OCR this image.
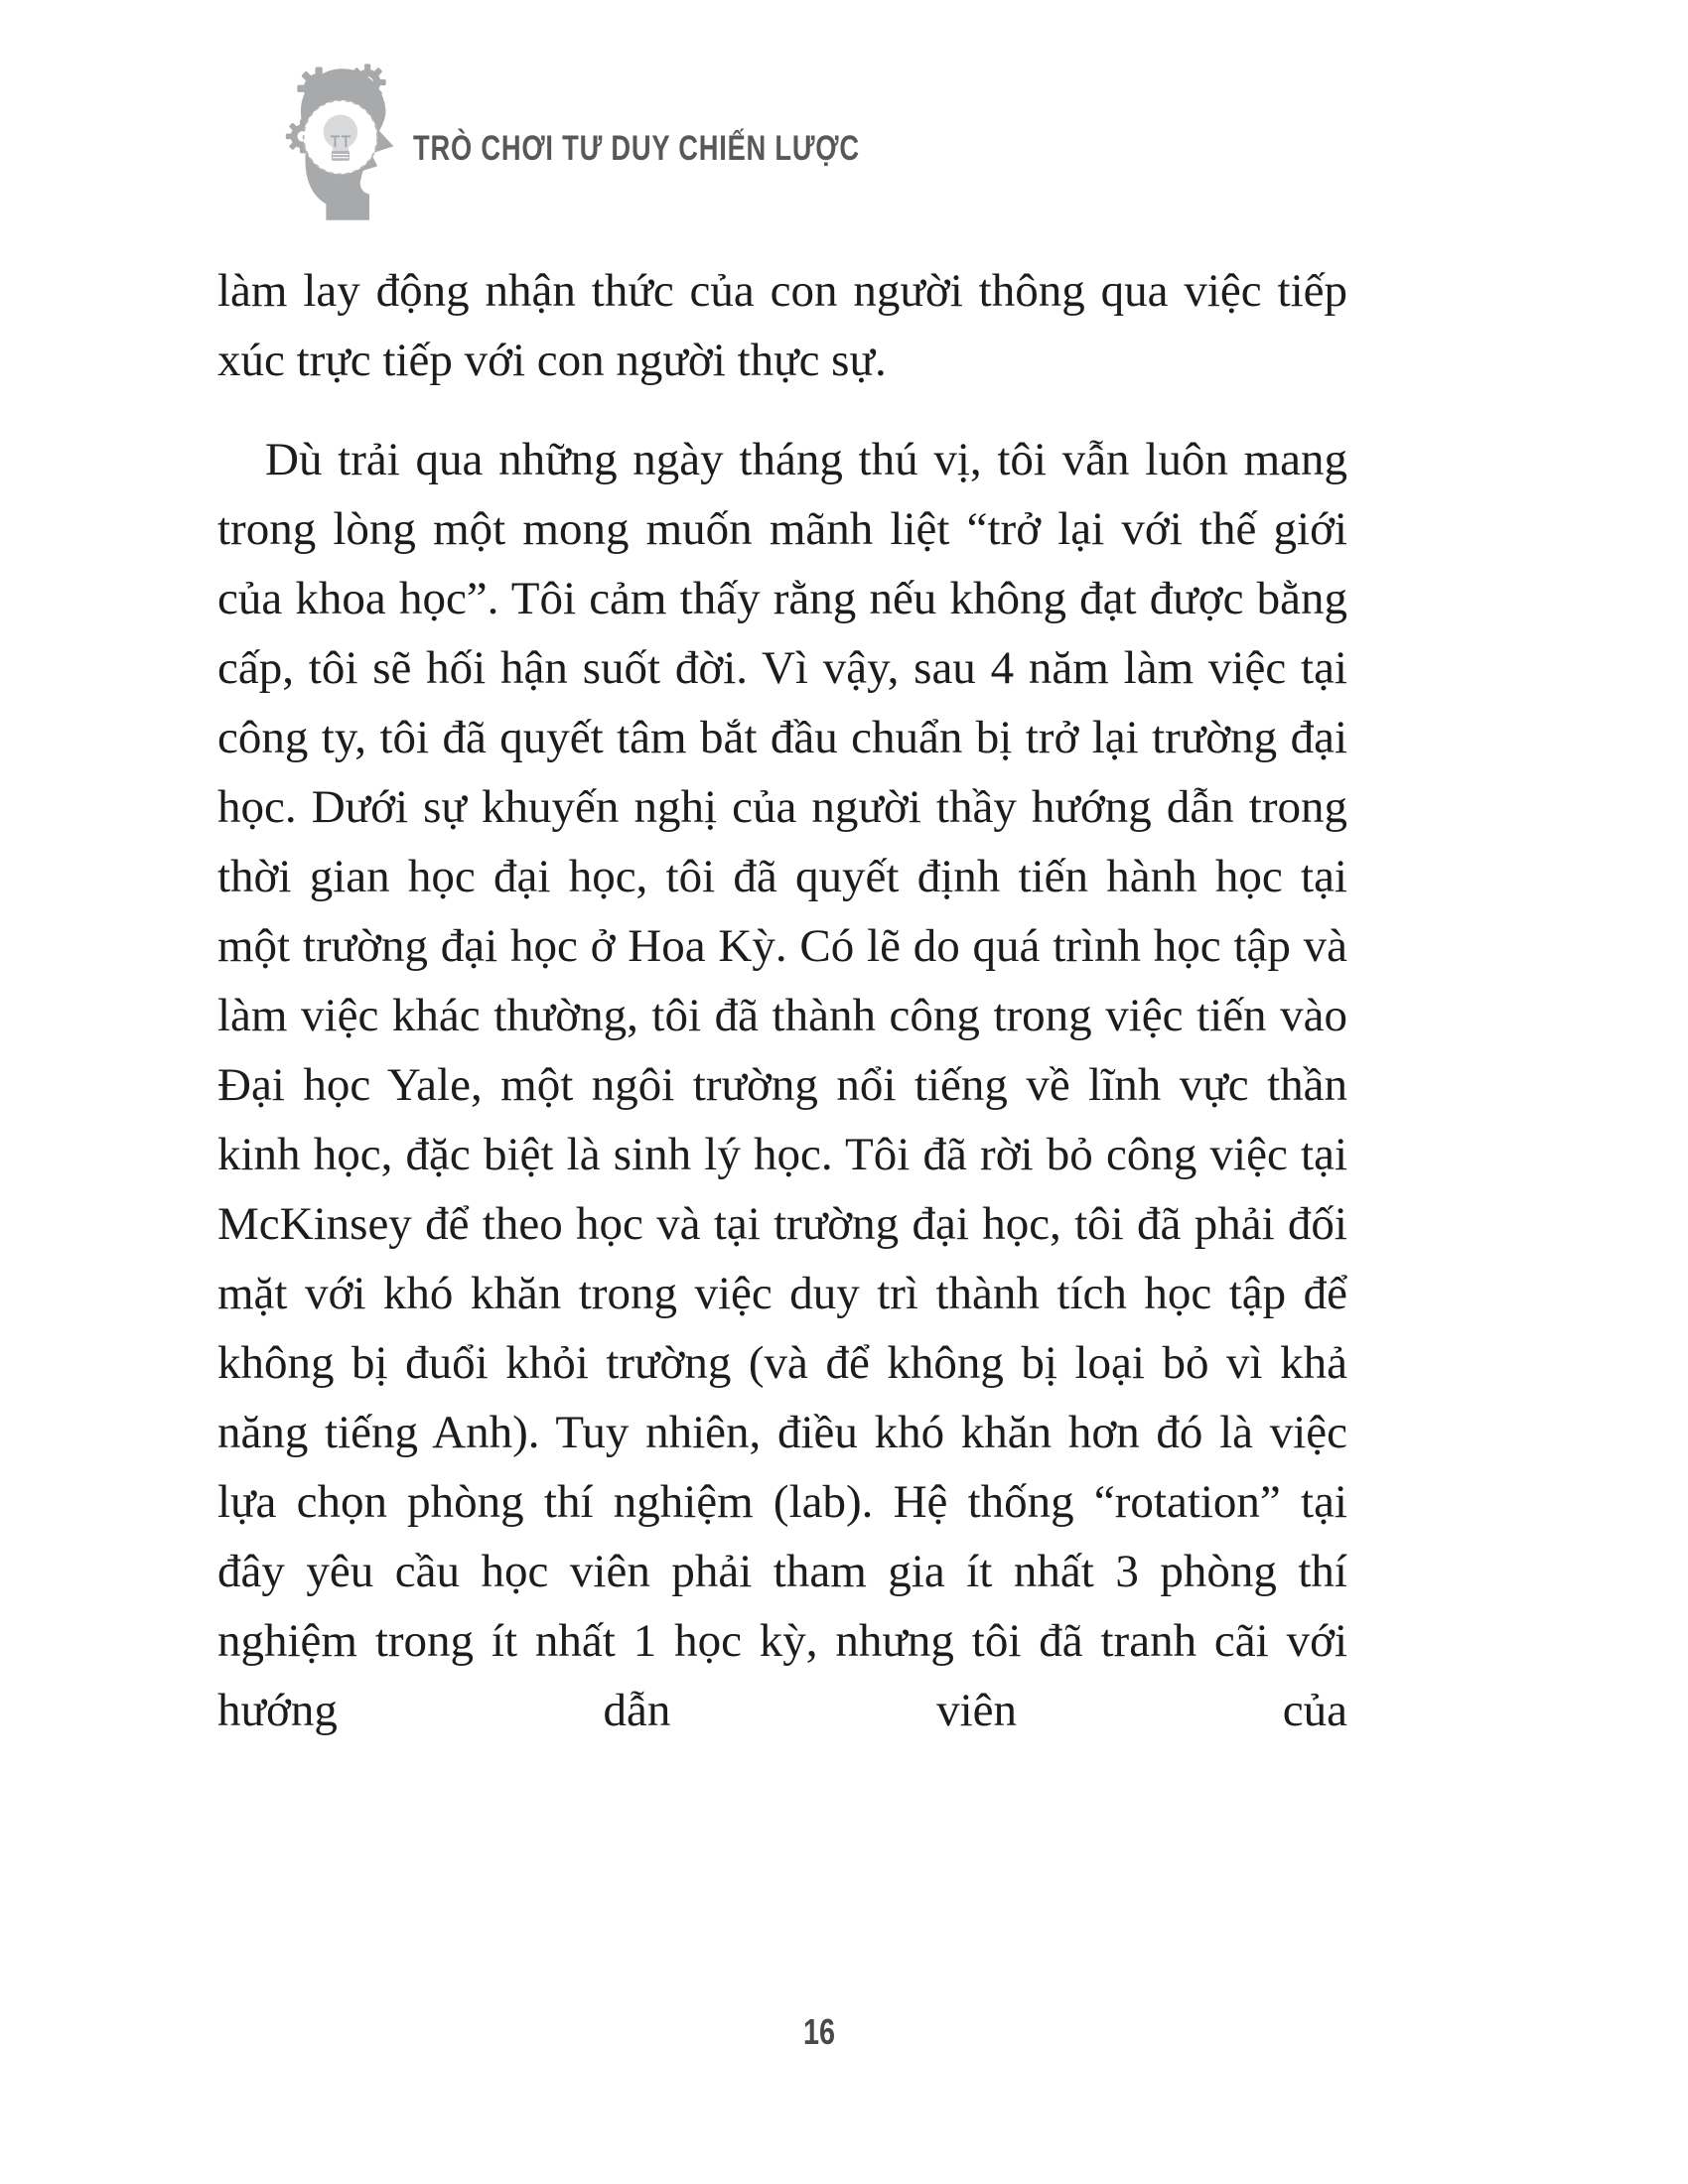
TRÒ CHƠI TƯ DUY CHIẾN LƯỢC

làm lay động nhận thức của con người thông qua việc tiếp xúc trực tiếp với con người thực sự.

Dù trải qua những ngày tháng thú vị, tôi vẫn luôn mang trong lòng một mong muốn mãnh liệt “trở lại với thế giới của khoa học”. Tôi cảm thấy rằng nếu không đạt được bằng cấp, tôi sẽ hối hận suốt đời. Vì vậy, sau 4 năm làm việc tại công ty, tôi đã quyết tâm bắt đầu chuẩn bị trở lại trường đại học. Dưới sự khuyến nghị của người thầy hướng dẫn trong thời gian học đại học, tôi đã quyết định tiến hành học tại một trường đại học ở Hoa Kỳ. Có lẽ do quá trình học tập và làm việc khác thường, tôi đã thành công trong việc tiến vào Đại học Yale, một ngôi trường nổi tiếng về lĩnh vực thần kinh học, đặc biệt là sinh lý học. Tôi đã rời bỏ công việc tại McKinsey để theo học và tại trường đại học, tôi đã phải đối mặt với khó khăn trong việc duy trì thành tích học tập để không bị đuổi khỏi trường (và để không bị loại bỏ vì khả năng tiếng Anh). Tuy nhiên, điều khó khăn hơn đó là việc lựa chọn phòng thí nghiệm (lab). Hệ thống “rotation” tại đây yêu cầu học viên phải tham gia ít nhất 3 phòng thí nghiệm trong ít nhất 1 học kỳ, nhưng tôi đã tranh cãi với hướng dẫn viên của

16
